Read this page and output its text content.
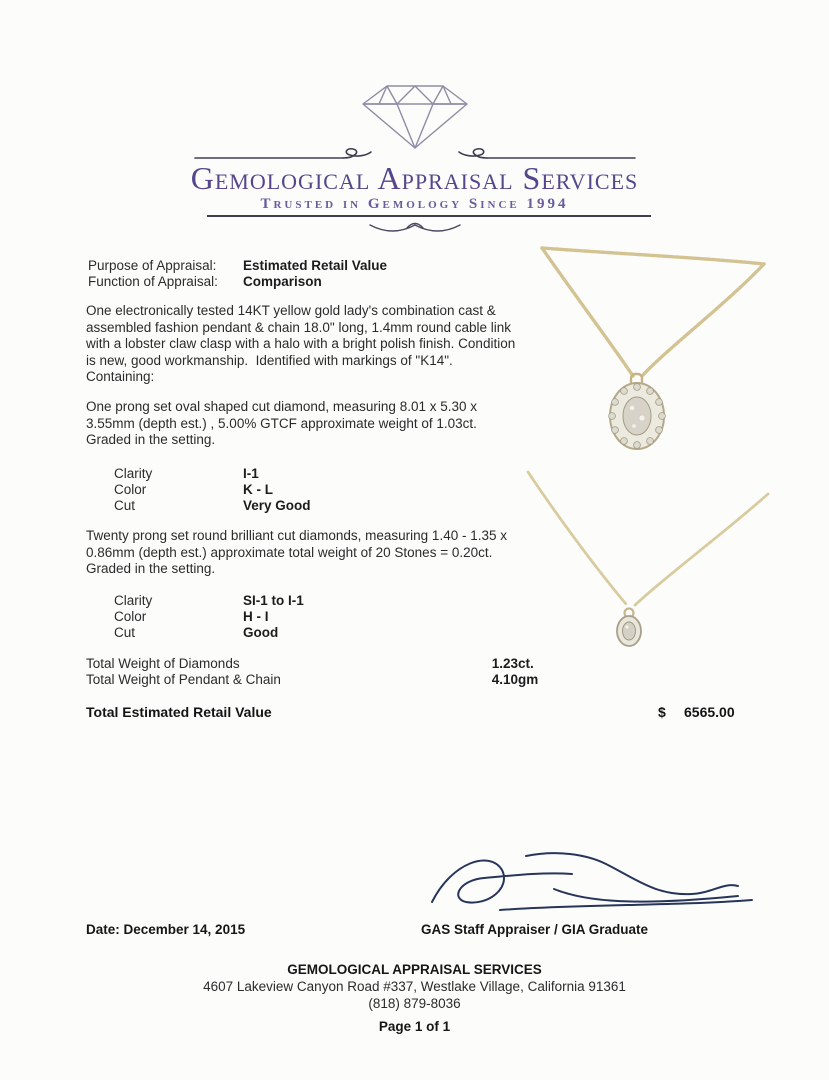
Gemological Appraisal Services
Trusted in Gemology Since 1994
Purpose of Appraisal:	Estimated Retail Value
Function of Appraisal:	Comparison
One electronically tested 14KT yellow gold lady's combination cast & assembled fashion pendant & chain 18.0" long, 1.4mm round cable link with a lobster claw clasp with a halo with a bright polish finish. Condition is new, good workmanship.  Identified with markings of "K14".  Containing:
One prong set oval shaped cut diamond, measuring 8.01 x 5.30 x 3.55mm (depth est.) , 5.00% GTCF approximate weight of 1.03ct. Graded in the setting.
Clarity	I-1
Color	K - L
Cut	Very Good
Twenty prong set round brilliant cut diamonds, measuring 1.40 - 1.35 x 0.86mm (depth est.) approximate total weight of 20 Stones = 0.20ct. Graded in the setting.
Clarity	SI-1 to I-1
Color	H - I
Cut	Good
Total Weight of Diamonds	1.23ct.
Total Weight of Pendant & Chain	4.10gm
Total Estimated Retail Value	$ 6565.00
Date: December 14, 2015	GAS Staff Appraiser / GIA Graduate
GEMOLOGICAL APPRAISAL SERVICES
4607 Lakeview Canyon Road #337, Westlake Village, California 91361
(818) 879-8036
Page 1 of 1
